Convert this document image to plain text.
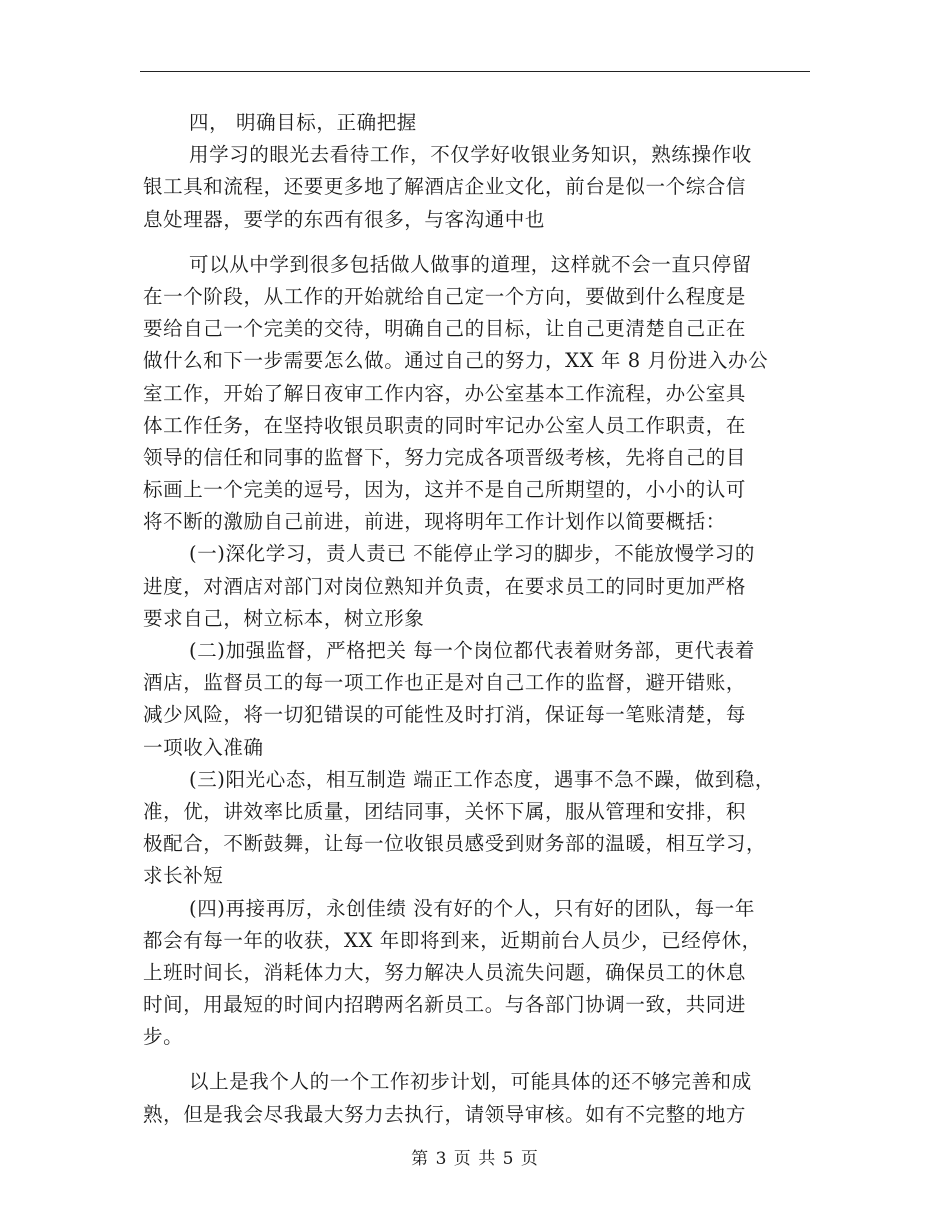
四， 明确目标，正确把握
用学习的眼光去看待工作，不仅学好收银业务知识，熟练操作收
银工具和流程，还要更多地了解酒店企业文化，前台是似一个综合信
息处理器，要学的东西有很多，与客沟通中也
可以从中学到很多包括做人做事的道理，这样就不会一直只停留
在一个阶段，从工作的开始就给自己定一个方向，要做到什么程度是
要给自己一个完美的交待，明确自己的目标，让自己更清楚自己正在
做什么和下一步需要怎么做。通过自己的努力，XX 年 8 月份进入办公
室工作，开始了解日夜审工作内容，办公室基本工作流程，办公室具
体工作任务，在坚持收银员职责的同时牢记办公室人员工作职责，在
领导的信任和同事的监督下，努力完成各项晋级考核，先将自己的目
标画上一个完美的逗号，因为，这并不是自己所期望的，小小的认可
将不断的激励自己前进，前进，现将明年工作计划作以简要概括：
(一)深化学习，责人责已 不能停止学习的脚步，不能放慢学习的
进度，对酒店对部门对岗位熟知并负责，在要求员工的同时更加严格
要求自己，树立标本，树立形象
(二)加强监督，严格把关 每一个岗位都代表着财务部，更代表着
酒店，监督员工的每一项工作也正是对自己工作的监督，避开错账，
减少风险，将一切犯错误的可能性及时打消，保证每一笔账清楚，每
一项收入准确
(三)阳光心态，相互制造 端正工作态度，遇事不急不躁，做到稳，
准，优，讲效率比质量，团结同事，关怀下属，服从管理和安排，积
极配合，不断鼓舞，让每一位收银员感受到财务部的温暖，相互学习，
求长补短
(四)再接再厉，永创佳绩 没有好的个人，只有好的团队，每一年
都会有每一年的收获，XX 年即将到来，近期前台人员少，已经停休，
上班时间长，消耗体力大，努力解决人员流失问题，确保员工的休息
时间，用最短的时间内招聘两名新员工。与各部门协调一致，共同进
步。
以上是我个人的一个工作初步计划，可能具体的还不够完善和成
熟，但是我会尽我最大努力去执行，请领导审核。如有不完整的地方
第 3 页 共 5 页
